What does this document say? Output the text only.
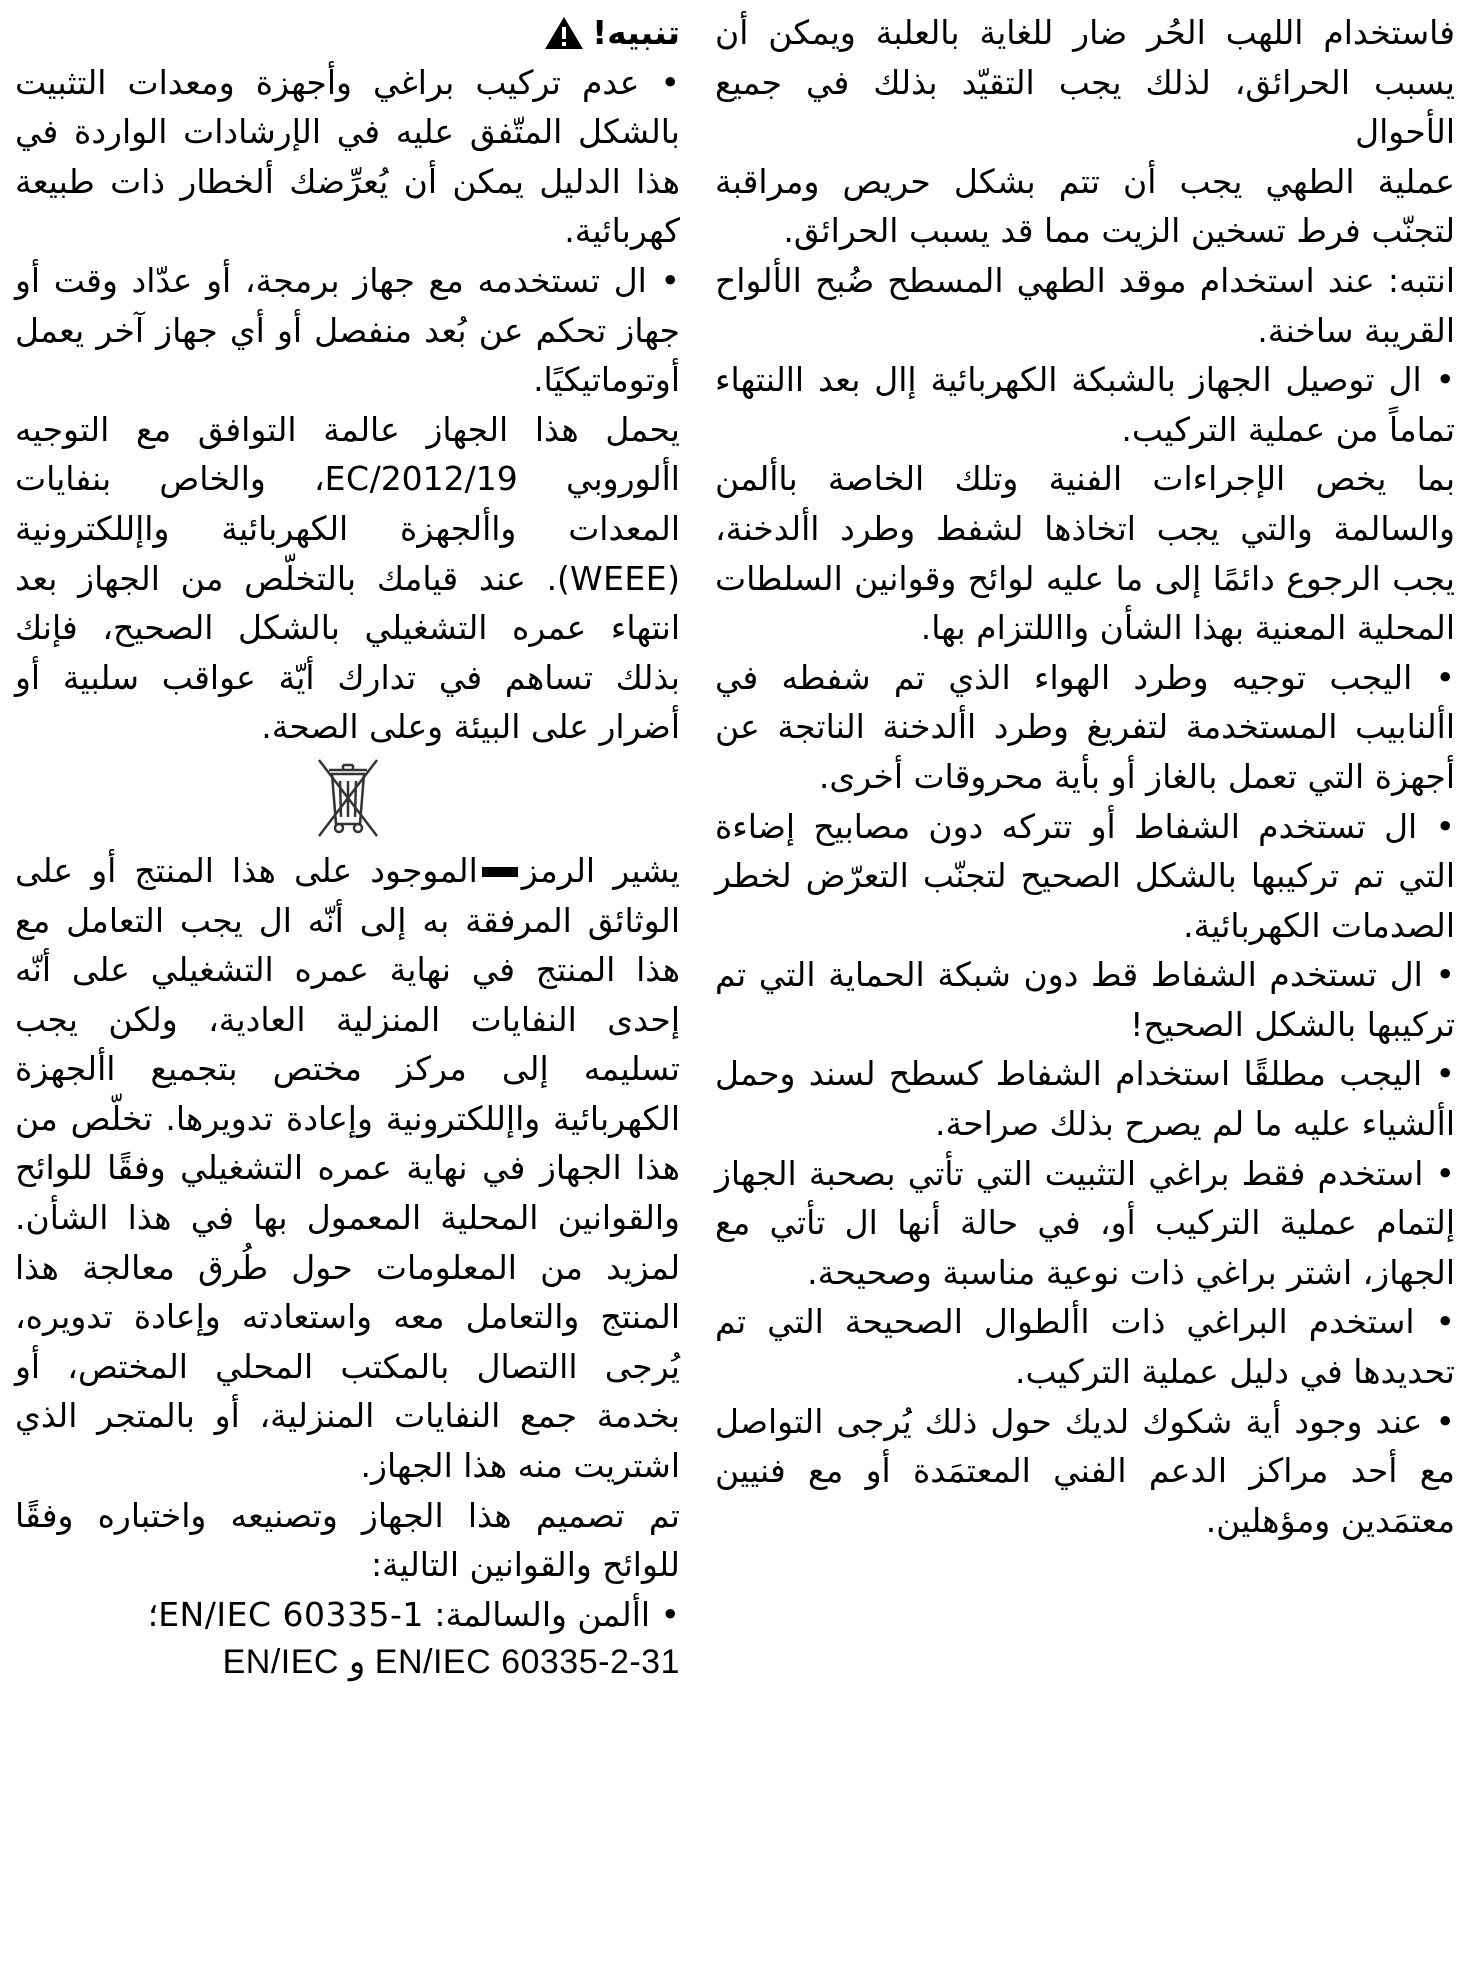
فاستخدام اللهب الحُر ضار للغاية بالعلبة ويمكن أن يسبب الحرائق، لذلك يجب التقيّد بذلك في جميع الأحوال

عملية الطهي يجب أن تتم بشكل حريص ومراقبة لتجنّب فرط تسخين الزيت مما قد يسبب الحرائق.

انتبه: عند استخدام موقد الطهي المسطح ضُبح الألواح القريبة ساخنة.

• ال توصيل الجهاز بالشبكة الكهربائية إال بعد االنتهاء تماماً من عملية التركيب.

بما يخص الإجراءات الفنية وتلك الخاصة باألمن والسالمة والتي يجب اتخاذها لشفط وطرد األدخنة، يجب الرجوع دائمًا إلى ما عليه لوائح وقوانين السلطات المحلية المعنية بهذا الشأن وااللتزام بها.

• اليجب توجيه وطرد الهواء الذي تم شفطه في األنابيب المستخدمة لتفريغ وطرد األدخنة الناتجة عن أجهزة التي تعمل بالغاز أو بأية محروقات أخرى.

• ال تستخدم الشفاط أو تتركه دون مصابيح إضاءة التي تم تركيبها بالشكل الصحيح لتجنّب التعرّض لخطر الصدمات الكهربائية.

• ال تستخدم الشفاط قط دون شبكة الحماية التي تم تركيبها بالشكل الصحيح!

• اليجب مطلقًا استخدام الشفاط كسطح لسند وحمل األشياء عليه ما لم يصرح بذلك صراحة.

• استخدم فقط براغي التثبيت التي تأتي بصحبة الجهاز إلتمام عملية التركيب أو، في حالة أنها ال تأتي مع الجهاز، اشتر براغي ذات نوعية مناسبة وصحيحة.

• استخدم البراغي ذات األطوال الصحيحة التي تم تحديدها في دليل عملية التركيب.

• عند وجود أية شكوك لديك حول ذلك يُرجى التواصل مع أحد مراكز الدعم الفني المعتمَدة أو مع فنيين معتمَدين ومؤهلين.

تنبيه!

• عدم تركيب براغي وأجهزة ومعدات التثبيت بالشكل المتّفق عليه في الإرشادات الواردة في هذا الدليل يمكن أن يُعرِّضك ألخطار ذات طبيعة كهربائية.

• ال تستخدمه مع جهاز برمجة، أو عدّاد وقت أو جهاز تحكم عن بُعد منفصل أو أي جهاز آخر يعمل أوتوماتيكيًا.

يحمل هذا الجهاز عالمة التوافق مع التوجيه األوروبي 2012/19/EC، والخاص بنفايات المعدات واألجهزة الكهربائية واإللكترونية (WEEE). عند قيامك بالتخلّص من الجهاز بعد انتهاء عمره التشغيلي بالشكل الصحيح، فإنك بذلك تساهم في تدارك أيّة عواقب سلبية أو أضرار على البيئة وعلى الصحة.

يشير الرمزالموجود على هذا المنتج أو على الوثائق المرفقة به إلى أنّه ال يجب التعامل مع هذا المنتج في نهاية عمره التشغيلي على أنّه إحدى النفايات المنزلية العادية، ولكن يجب تسليمه إلى مركز مختص بتجميع األجهزة الكهربائية واإللكترونية وإعادة تدويرها. تخلّص من هذا الجهاز في نهاية عمره التشغيلي وفقًا للوائح والقوانين المحلية المعمول بها في هذا الشأن. لمزيد من المعلومات حول طُرق معالجة هذا المنتج والتعامل معه واستعادته وإعادة تدويره، يُرجى االتصال بالمكتب المحلي المختص، أو بخدمة جمع النفايات المنزلية، أو بالمتجر الذي اشتريت منه هذا الجهاز.

تم تصميم هذا الجهاز وتصنيعه واختباره وفقًا للوائح والقوانين التالية:

• األمن والسالمة: EN/IEC 60335-1؛

EN/IEC و EN/IEC 60335-2-31
